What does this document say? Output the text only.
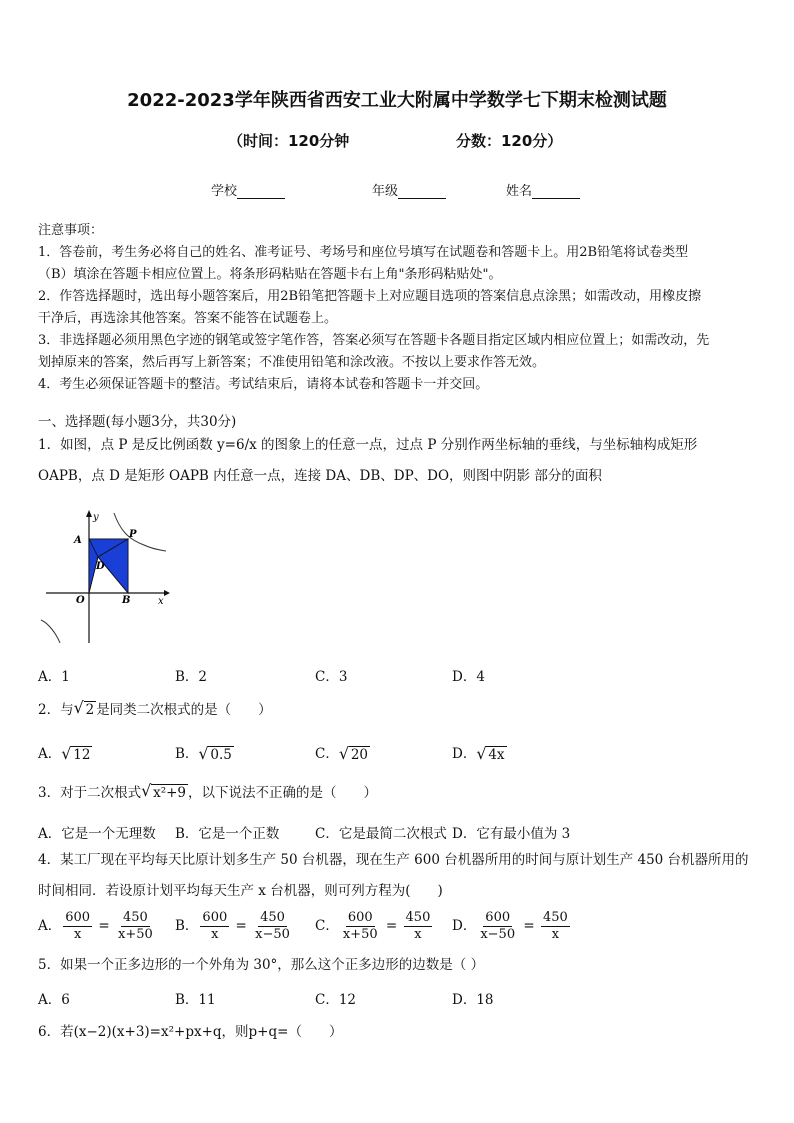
2022-2023学年陕西省西安工业大附属中学数学七下期末检测试题
（时间：120分钟	分数：120分）
学校	年级	姓名

注意事项：

1．答卷前，考生务必将自己的姓名、准考证号、考场号和座位号填写在试题卷和答题卡上。用2B铅笔将试卷类型

（B）填涂在答题卡相应位置上。将条形码粘贴在答题卡右上角"条形码粘贴处"。

2．作答选择题时，选出每小题答案后，用2B铅笔把答题卡上对应题目选项的答案信息点涂黑；如需改动，用橡皮擦

干净后，再选涂其他答案。答案不能答在试题卷上。

3．非选择题必须用黑色字迹的钢笔或签字笔作答，答案必须写在答题卡各题目指定区域内相应位置上；如需改动，先

划掉原来的答案，然后再写上新答案；不准使用铅笔和涂改液。不按以上要求作答无效。

4．考生必须保证答题卡的整洁。考试结束后，请将本试卷和答题卡一并交回。

一、选择题(每小题3分，共30分)

1．如图，点 P 是反比例函数 y=6/x 的图象上的任意一点，过点 P 分别作两坐标轴的垂线，与坐标轴构成矩形

OAPB，点 D 是矩形 OAPB 内任意一点，连接 DA、DB、DP、DO，则图中阴影 部分的面积

y
x
A
P
D
O	B
A．1	B．2	C．3	D．4

2．与 √ 2 是同类二次根式的是（　　）

A． √ 12	B． √ 0.5	C． √ 20	D． √ 4x

3．对于二次根式 √ x²+9 ，以下说法不正确的是（　　）

A．它是一个无理数 B．它是一个正数	C．它是最简二次根式 D．它有最小值为 3

4．某工厂现在平均每天比原计划多生产 50 台机器，现在生产 600 台机器所用的时间与原计划生产 450 台机器所用的

时间相同．若设原计划平均每天生产 x 台机器，则可列方程为(　　)

A． $\frac{600}{x} = \frac{450}{x+50}$ B． $\frac{600}{x} = \frac{450}{x-50}$ C． $\frac{600}{x+50} = \frac{450}{x}$ D． $\frac{600}{x-50} = \frac{450}{x}$

5．如果一个正多边形的一个外角为 30°，那么这个正多边形的边数是（ ）

A．6	B．11	C．12	D．18

6．若(x−2)(x+3)=x²+px+q，则p+q=（　　）
